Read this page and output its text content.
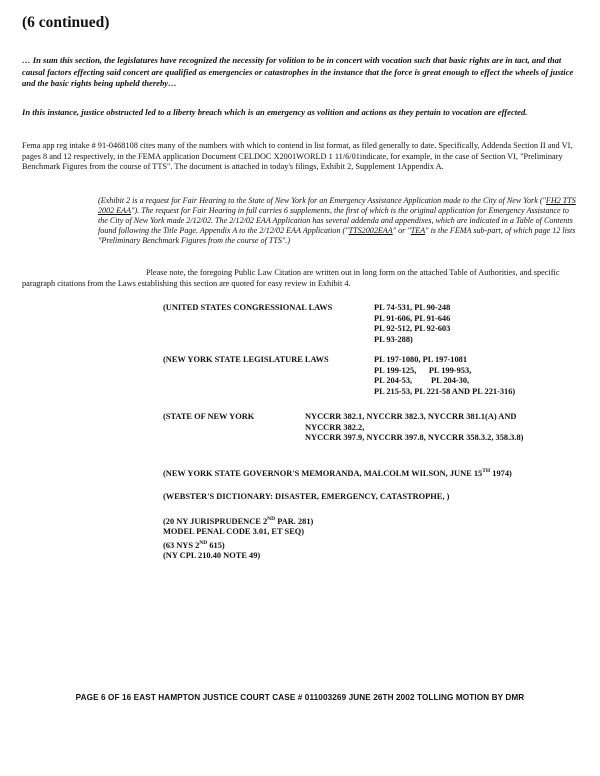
(6 continued)
… In sum this section, the legislatures have recognized the necessity for volition to be in concert with vocation such that basic rights are in tact, and that causal factors effecting said concert are qualified as emergencies or catastrophes in the instance that the force is great enough to effect the wheels of justice and the basic rights being upheld thereby…
In this instance, justice obstructed led to a liberty breach which is an emergency as volition and actions as they pertain to vocation are effected.
Fema app reg intake # 91-0468108 cites many of the numbers with which to contend in list format, as filed generally to date. Specifically, Addenda Section II and VI, pages 8 and 12 respectively, in the FEMA application Document CELDOC X2001WORLD 1 11/6/01indicate, for example, in the case of Section VI, "Preliminary Benchmark Figures from the course of TTS". The document is attached in today's filings, Exhibit 2, Supplement 1Appendix A.
(Exhibit 2 is a request for Fair Hearing to the State of New York for an Emergency Assistance Application made to the City of New York ("FH2 TTS 2002 EAA"). The request for Fair Hearing in full carries 6 supplements, the first of which is the original application for Emergency Assistance to the City of New York made 2/12/02. The 2/12/02 EAA Application has several addenda and appendixes, which are indicated in a Table of Contents found following the Title Page. Appendix A to the 2/12/02 EAA Application ("TTS2002EAA" or "TEA" is the FEMA sub-part, of which page 12 lists "Preliminary Benchmark Figures from the course of TTS".)
Please note, the foregoing Public Law Citation are written out in long form on the attached Table of Authorities, and specific paragraph citations from the Laws establishing this section are quoted for easy review in Exhibit 4.
(UNITED STATES CONGRESSIONAL LAWS	PL 74-531, PL 90-248
PL 91-606, PL 91-646
PL 92-512, PL 92-603
PL 93-288)
(NEW YORK STATE LEGISLATURE LAWS	PL 197-1080, PL 197-1081
PL 199-125,      PL 199-953,
PL 204-53,         PL 204-30,
PL 215-53, PL 221-58 AND PL 221-316)
(STATE OF NEW YORK	NYCCRR 382.1, NYCCRR 382.3, NYCCRR 381.1(A) AND
NYCCRR 382.2,
NYCCRR 397.9, NYCCRR 397.8, NYCCRR 358.3.2, 358.3.8)
(NEW YORK STATE GOVERNOR'S MEMORANDA, MALCOLM WILSON, JUNE 15TH 1974)
(WEBSTER'S DICTIONARY: DISASTER, EMERGENCY, CATASTROPHE, )
(20 NY JURISPRUDENCE 2ND PAR. 281)
MODEL PENAL CODE 3.01, ET SEQ)
(63 NYS 2ND 615)
(NY CPL 210.40 NOTE 49)
PAGE 6 OF 16 EAST HAMPTON JUSTICE COURT CASE # 011003269 JUNE 26TH 2002 TOLLING MOTION BY DMR
